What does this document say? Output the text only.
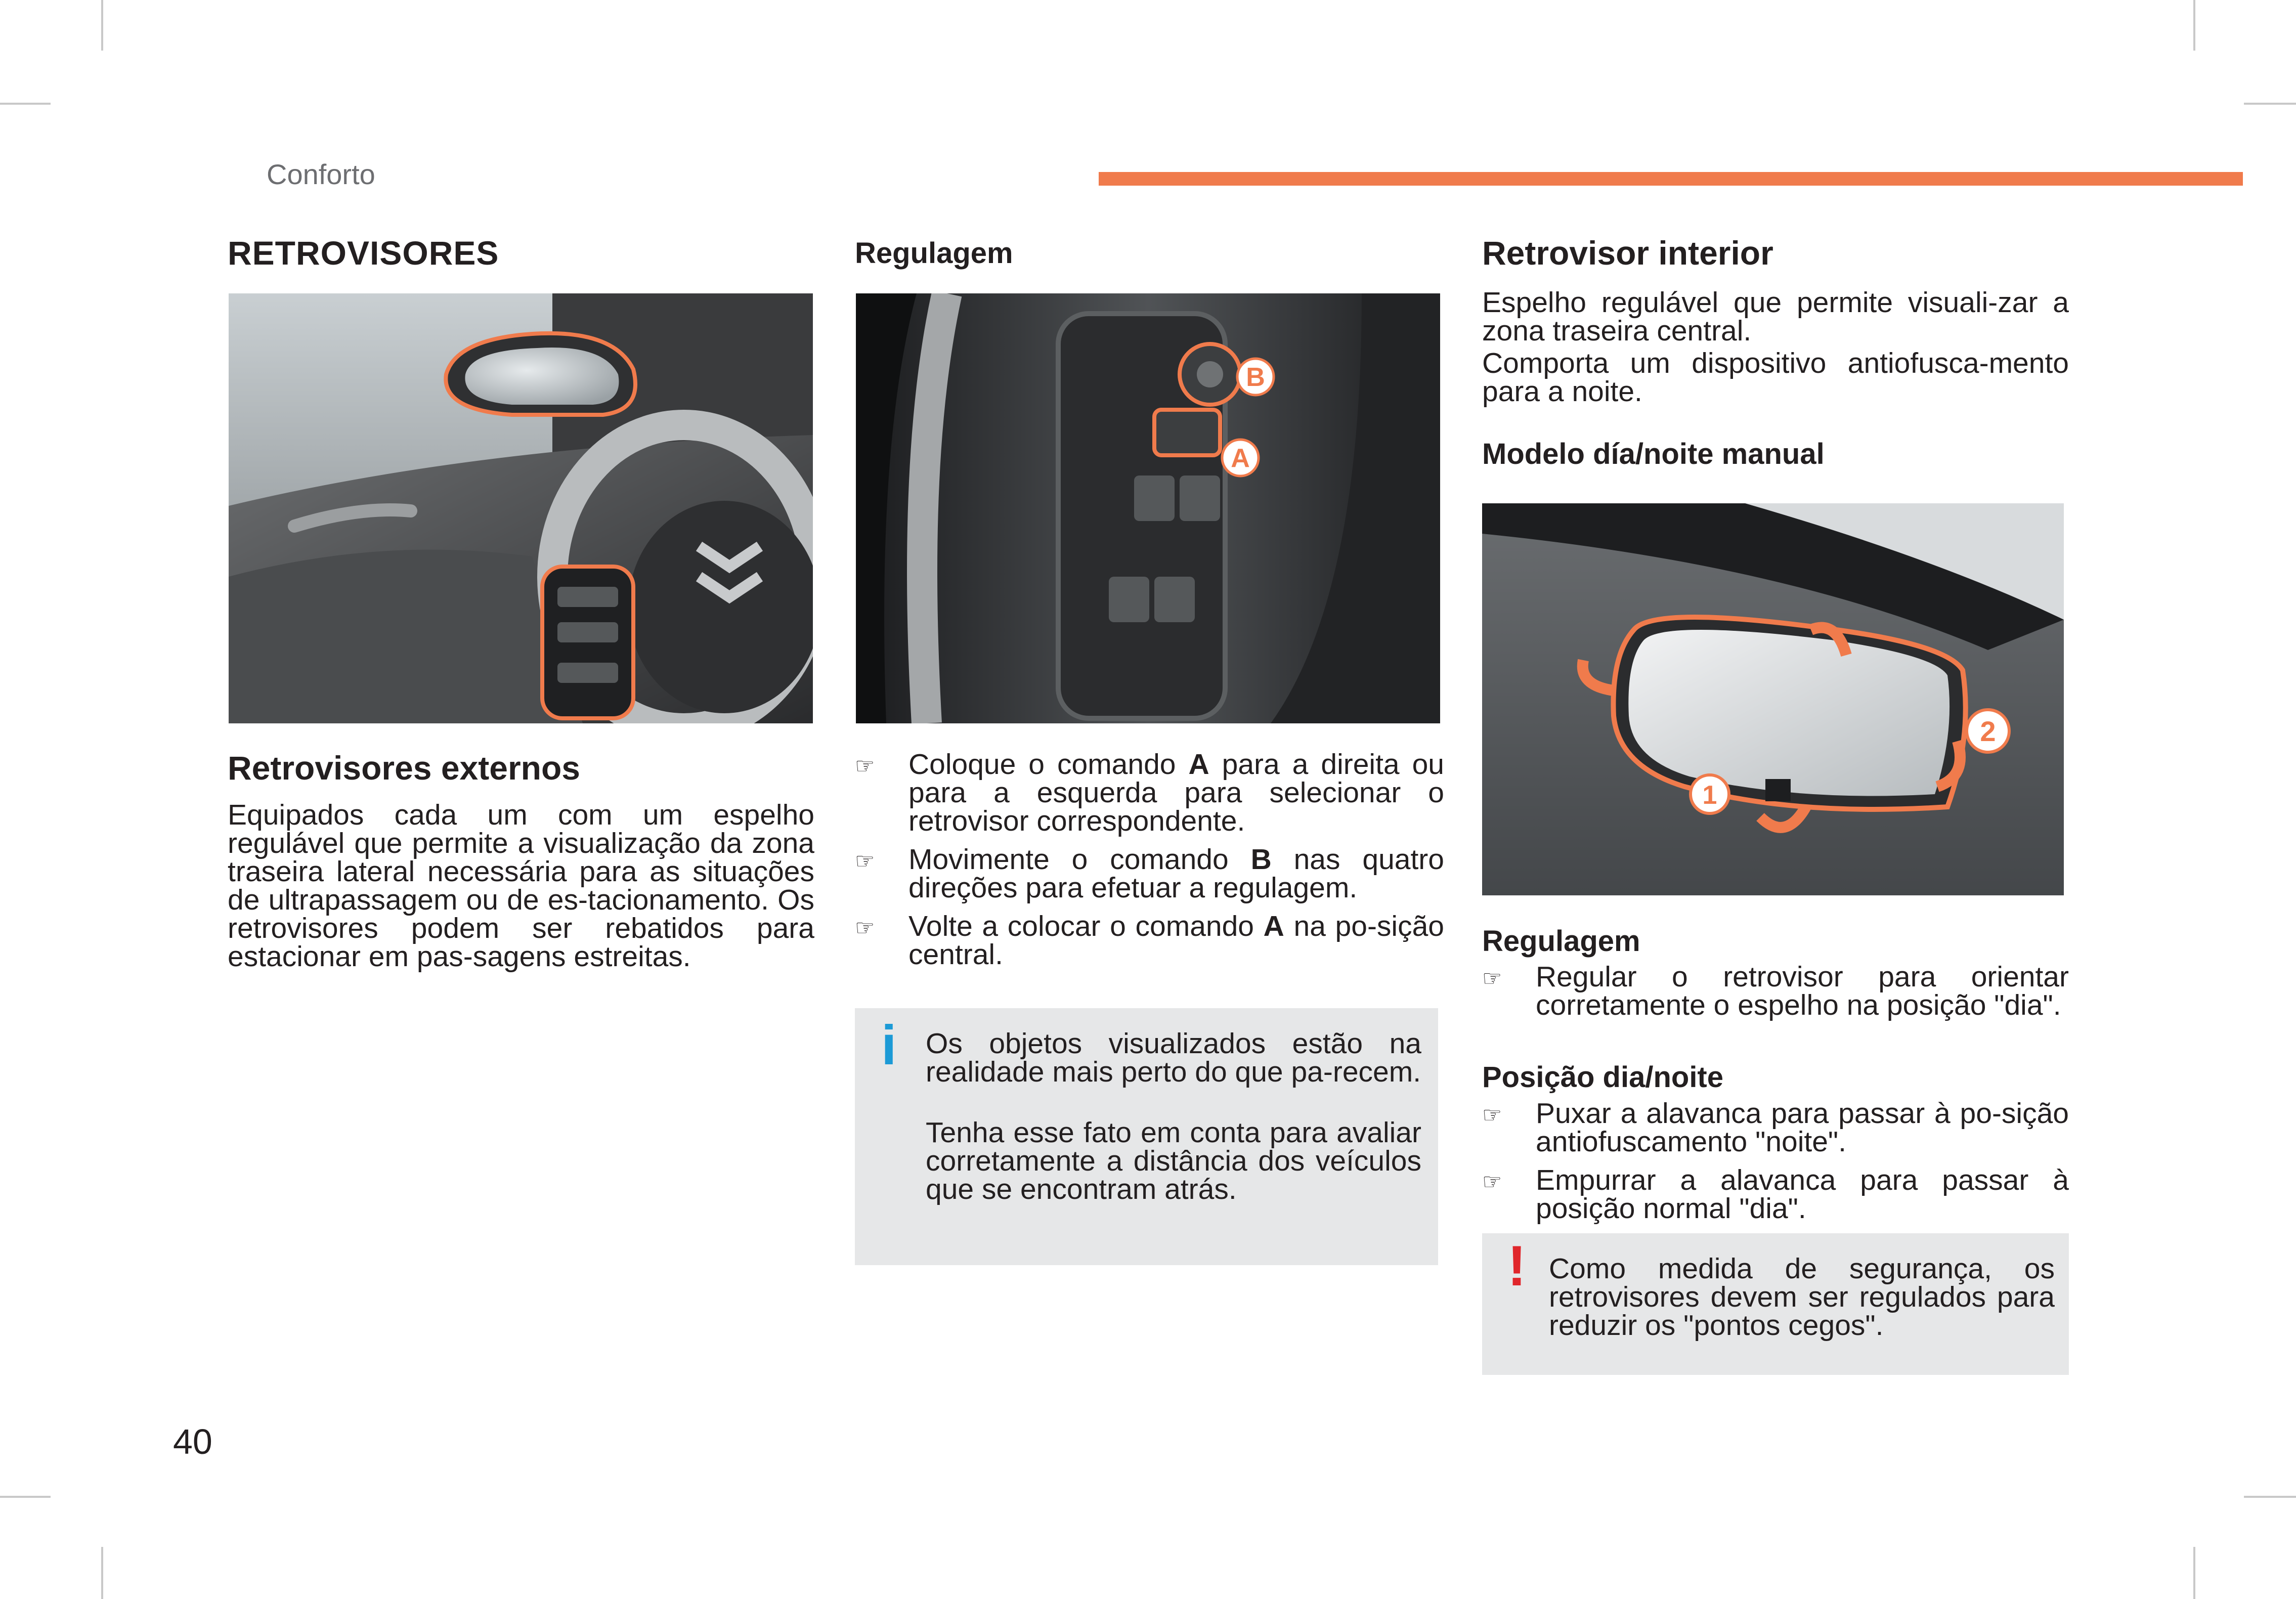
Conforto
RETROVISORES
Retrovisores externos
Equipados cada um com um espelho regulável que permite a visualização da zona traseira lateral necessária para as situações de ultrapassagem ou de es-tacionamento. Os retrovisores podem ser rebatidos para estacionar em pas-sagens estreitas.
Regulagem
B
A
☞ Coloque o comando A para a direita ou para a esquerda para selecionar o retrovisor correspondente.
☞ Movimente o comando B nas quatro direções para efetuar a regulagem.
☞ Volte a colocar o comando A na po-sição central.
i Os objetos visualizados estão na realidade mais perto do que pa-recem.
Tenha esse fato em conta para avaliar corretamente a distância dos veículos que se encontram atrás.
Retrovisor interior
Espelho regulável que permite visuali-zar a zona traseira central.
Comporta um dispositivo antiofusca-mento para a noite.
Modelo día/noite manual
2
1
Regulagem
☞ Regular o retrovisor para orientar corretamente o espelho na posição "dia".
Posição dia/noite
☞ Puxar a alavanca para passar à po-sição antiofuscamento "noite".
☞ Empurrar a alavanca para passar à posição normal "dia".
! Como medida de segurança, os retrovisores devem ser regulados para reduzir os "pontos cegos".
40
